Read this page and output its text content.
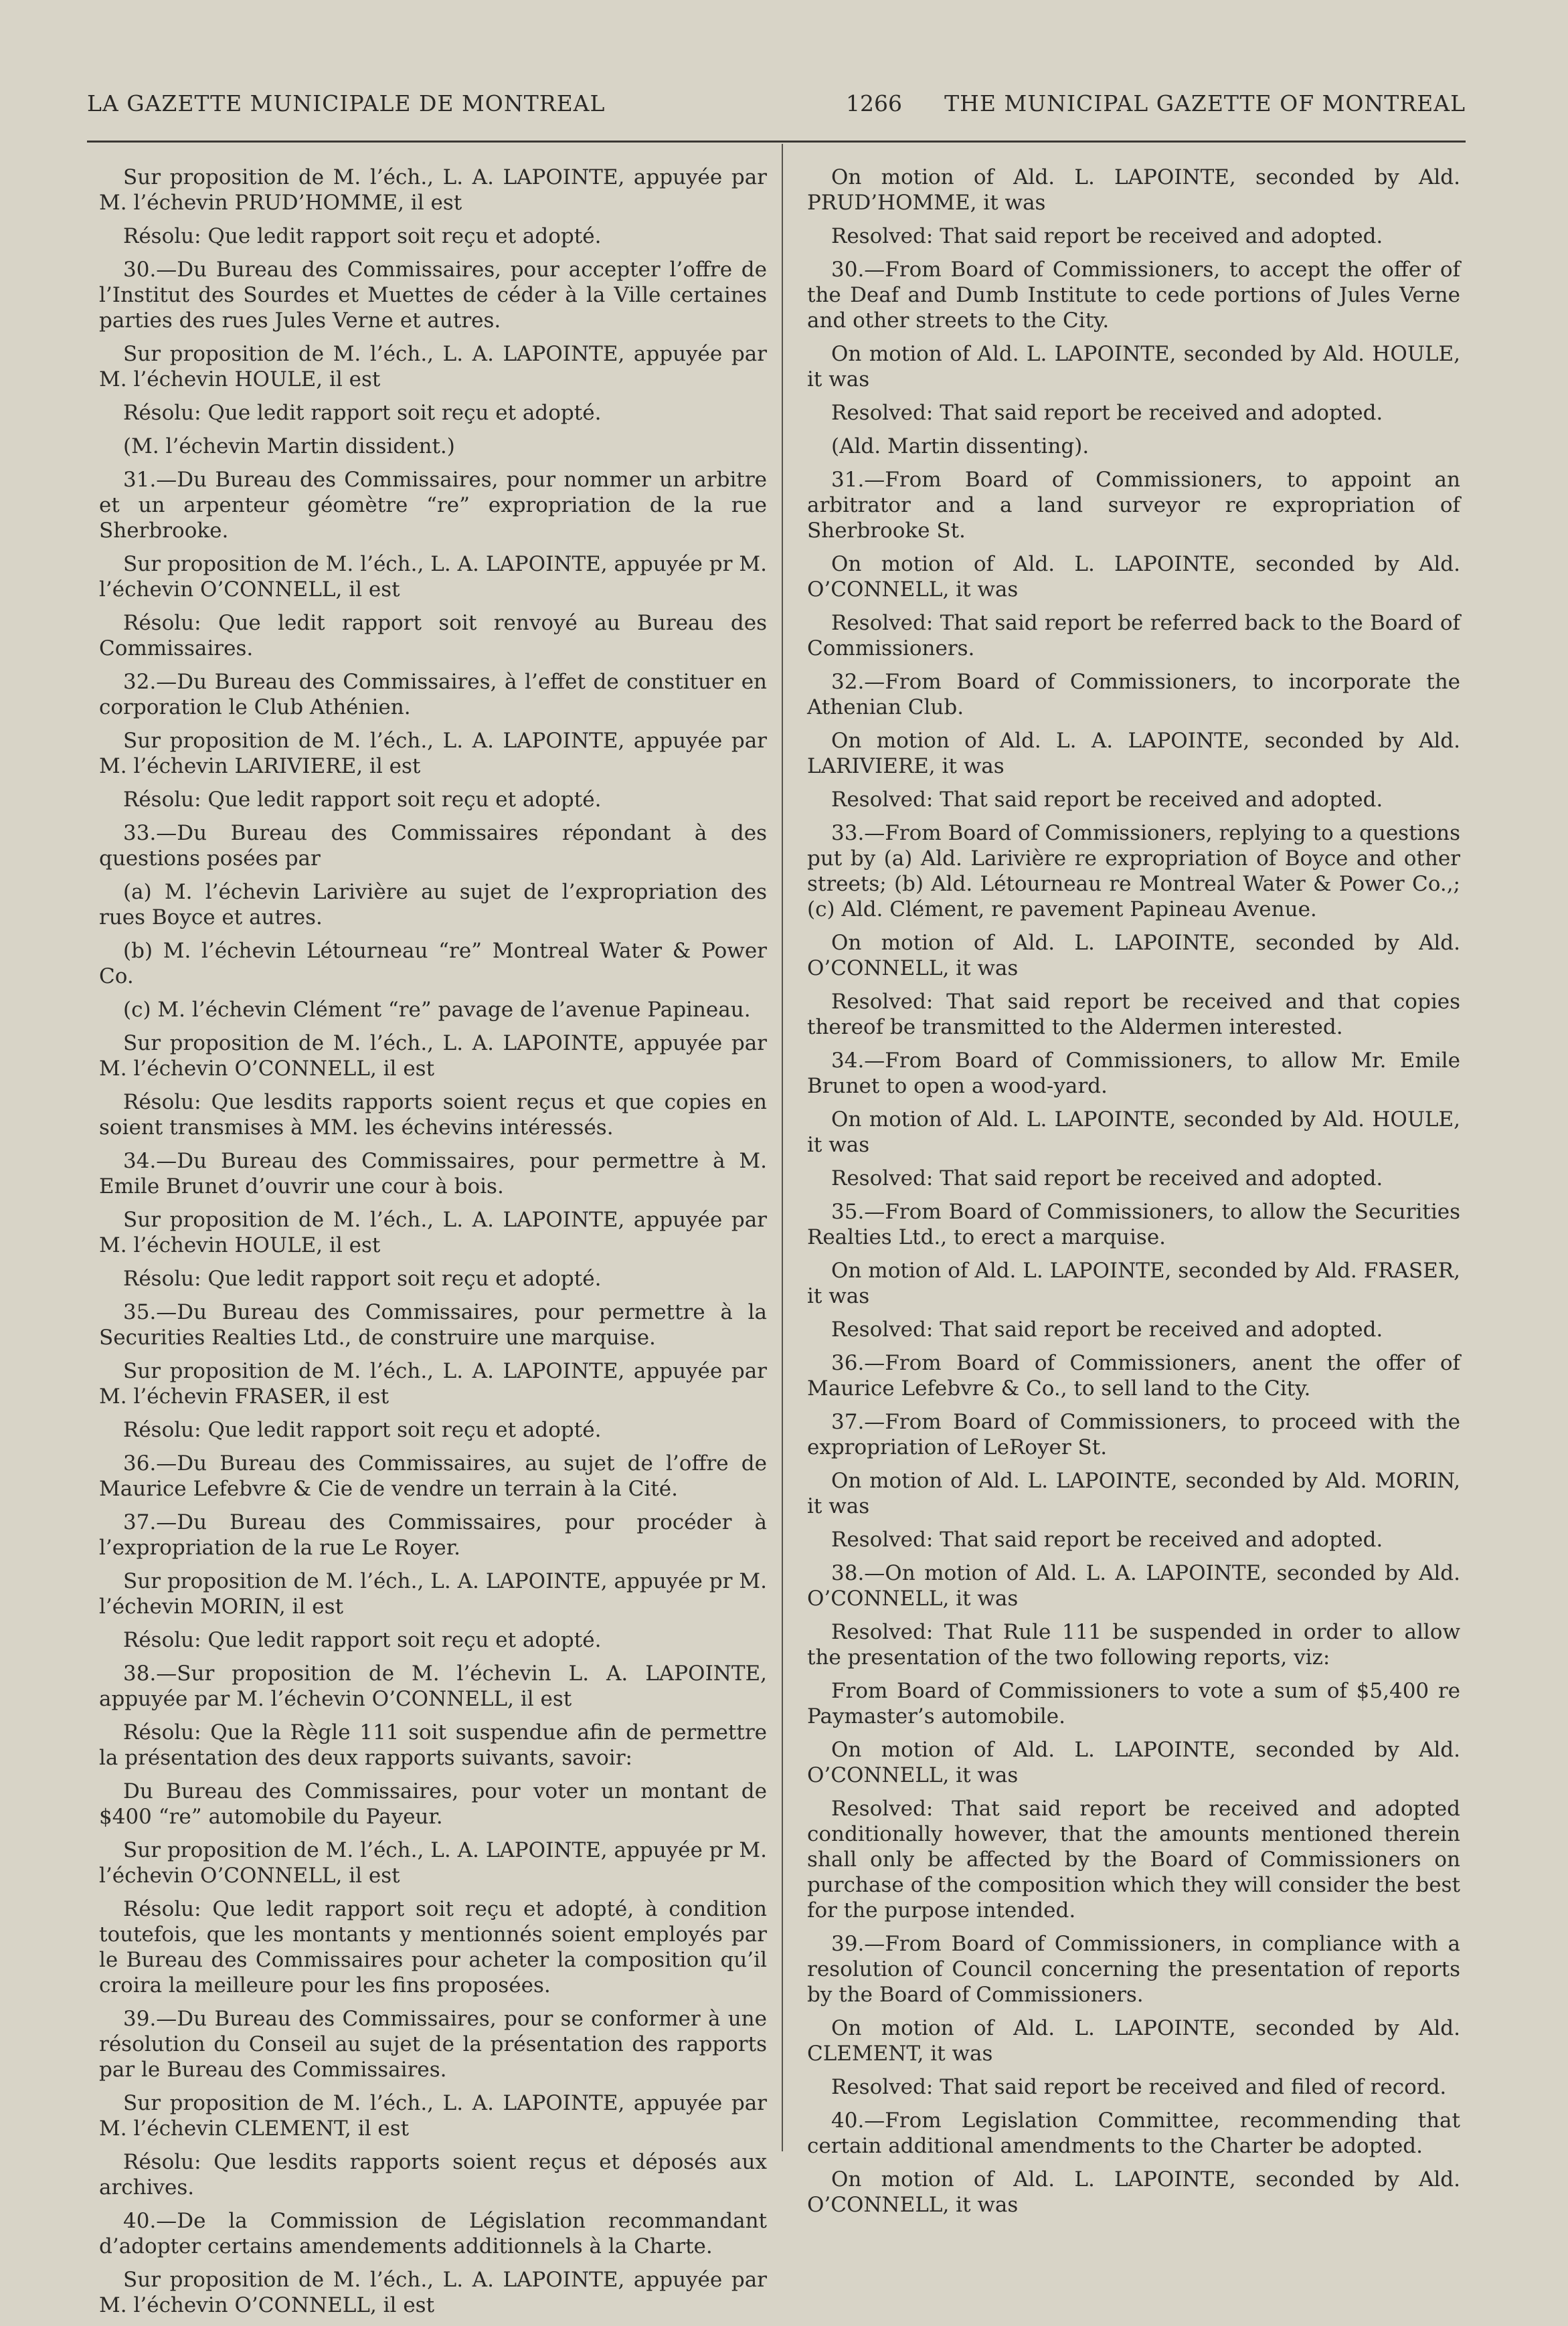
LA GAZETTE MUNICIPALE DE MONTREAL	1266 THE MUNICIPAL GAZETTE OF MONTREAL

Sur proposition de M. l’éch., L. A. LAPOINTE, appuyée par M. l’échevin PRUD’HOMME, il est

Résolu: Que ledit rapport soit reçu et adopté.

30.—Du Bureau des Commissaires, pour accepter l’offre de l’Institut des Sourdes et Muettes de céder à la Ville certaines parties des rues Jules Verne et autres.

Sur proposition de M. l’éch., L. A. LAPOINTE, appuyée par M. l’échevin HOULE, il est

Résolu: Que ledit rapport soit reçu et adopté.

(M. l’échevin Martin dissident.)

31.—Du Bureau des Commissaires, pour nommer un arbitre et un arpenteur géomètre “re” expropriation de la rue Sherbrooke.

Sur proposition de M. l’éch., L. A. LAPOINTE, appuyée pr M. l’échevin O’CONNELL, il est

Résolu: Que ledit rapport soit renvoyé au Bureau des Commissaires.

32.—Du Bureau des Commissaires, à l’effet de constituer en corporation le Club Athénien.

Sur proposition de M. l’éch., L. A. LAPOINTE, appuyée par M. l’échevin LARIVIERE, il est

Résolu: Que ledit rapport soit reçu et adopté.

33.—Du Bureau des Commissaires répondant à des questions posées par

(a) M. l’échevin Larivière au sujet de l’expropriation des rues Boyce et autres.

(b) M. l’échevin Létourneau “re” Montreal Water & Power Co.

(c) M. l’échevin Clément “re” pavage de l’avenue Papineau.

Sur proposition de M. l’éch., L. A. LAPOINTE, appuyée par M. l’échevin O’CONNELL, il est

Résolu: Que lesdits rapports soient reçus et que copies en soient transmises à MM. les échevins intéressés.

34.—Du Bureau des Commissaires, pour permettre à M. Emile Brunet d’ouvrir une cour à bois.

Sur proposition de M. l’éch., L. A. LAPOINTE, appuyée par M. l’échevin HOULE, il est

Résolu: Que ledit rapport soit reçu et adopté.

35.—Du Bureau des Commissaires, pour permettre à la Securities Realties Ltd., de construire une marquise.

Sur proposition de M. l’éch., L. A. LAPOINTE, appuyée par M. l’échevin FRASER, il est

Résolu: Que ledit rapport soit reçu et adopté.

36.—Du Bureau des Commissaires, au sujet de l’offre de Maurice Lefebvre & Cie de vendre un terrain à la Cité.

37.—Du Bureau des Commissaires, pour procéder à l’expropriation de la rue Le Royer.

Sur proposition de M. l’éch., L. A. LAPOINTE, appuyée pr M. l’échevin MORIN, il est

Résolu: Que ledit rapport soit reçu et adopté.

38.—Sur proposition de M. l’échevin L. A. LAPOINTE, appuyée par M. l’échevin O’CONNELL, il est

Résolu: Que la Règle 111 soit suspendue afin de permettre la présentation des deux rapports suivants, savoir:

Du Bureau des Commissaires, pour voter un montant de $400 “re” automobile du Payeur.

Sur proposition de M. l’éch., L. A. LAPOINTE, appuyée pr M. l’échevin O’CONNELL, il est

Résolu: Que ledit rapport soit reçu et adopté, à condition toutefois, que les montants y mentionnés soient employés par le Bureau des Commissaires pour acheter la composition qu’il croira la meilleure pour les fins proposées.

39.—Du Bureau des Commissaires, pour se conformer à une résolution du Conseil au sujet de la présentation des rapports par le Bureau des Commissaires.

Sur proposition de M. l’éch., L. A. LAPOINTE, appuyée par M. l’échevin CLEMENT, il est

Résolu: Que lesdits rapports soient reçus et déposés aux archives.

40.—De la Commission de Législation recommandant d’adopter certains amendements additionnels à la Charte.

Sur proposition de M. l’éch., L. A. LAPOINTE, appuyée par M. l’échevin O’CONNELL, il est

On motion of Ald. L. LAPOINTE, seconded by Ald. PRUD’HOMME, it was

Resolved: That said report be received and adopted.

30.—From Board of Commissioners, to accept the offer of the Deaf and Dumb Institute to cede portions of Jules Verne and other streets to the City.

On motion of Ald. L. LAPOINTE, seconded by Ald. HOULE, it was

Resolved: That said report be received and adopted.

(Ald. Martin dissenting).

31.—From Board of Commissioners, to appoint an arbitrator and a land surveyor re expropriation of Sherbrooke St.

On motion of Ald. L. LAPOINTE, seconded by Ald. O’CONNELL, it was

Resolved: That said report be referred back to the Board of Commissioners.

32.—From Board of Commissioners, to incorporate the Athenian Club.

On motion of Ald. L. A. LAPOINTE, seconded by Ald. LARIVIERE, it was

Resolved: That said report be received and adopted.

33.—From Board of Commissioners, replying to a questions put by (a) Ald. Larivière re expropriation of Boyce and other streets; (b) Ald. Létourneau re Montreal Water & Power Co.,; (c) Ald. Clément, re pavement Papineau Avenue.

On motion of Ald. L. LAPOINTE, seconded by Ald. O’CONNELL, it was

Resolved: That said report be received and that copies thereof be transmitted to the Aldermen interested.

34.—From Board of Commissioners, to allow Mr. Emile Brunet to open a wood-yard.

On motion of Ald. L. LAPOINTE, seconded by Ald. HOULE, it was

Resolved: That said report be received and adopted.

35.—From Board of Commissioners, to allow the Securities Realties Ltd., to erect a marquise.

On motion of Ald. L. LAPOINTE, seconded by Ald. FRASER, it was

Resolved: That said report be received and adopted.

36.—From Board of Commissioners, anent the offer of Maurice Lefebvre & Co., to sell land to the City.

37.—From Board of Commissioners, to proceed with the expropriation of LeRoyer St.

On motion of Ald. L. LAPOINTE, seconded by Ald. MORIN, it was

Resolved: That said report be received and adopted.

38.—On motion of Ald. L. A. LAPOINTE, seconded by Ald. O’CONNELL, it was

Resolved: That Rule 111 be suspended in order to allow the presentation of the two following reports, viz:

From Board of Commissioners to vote a sum of $5,400 re Paymaster’s automobile.

On motion of Ald. L. LAPOINTE, seconded by Ald. O’CONNELL, it was

Resolved: That said report be received and adopted conditionally however, that the amounts mentioned therein shall only be affected by the Board of Commissioners on purchase of the composition which they will consider the best for the purpose intended.

39.—From Board of Commissioners, in compliance with a resolution of Council concerning the presentation of reports by the Board of Commissioners.

On motion of Ald. L. LAPOINTE, seconded by Ald. CLEMENT, it was

Resolved: That said report be received and filed of record.

40.—From Legislation Committee, recommending that certain additional amendments to the Charter be adopted.

On motion of Ald. L. LAPOINTE, seconded by Ald. O’CONNELL, it was
